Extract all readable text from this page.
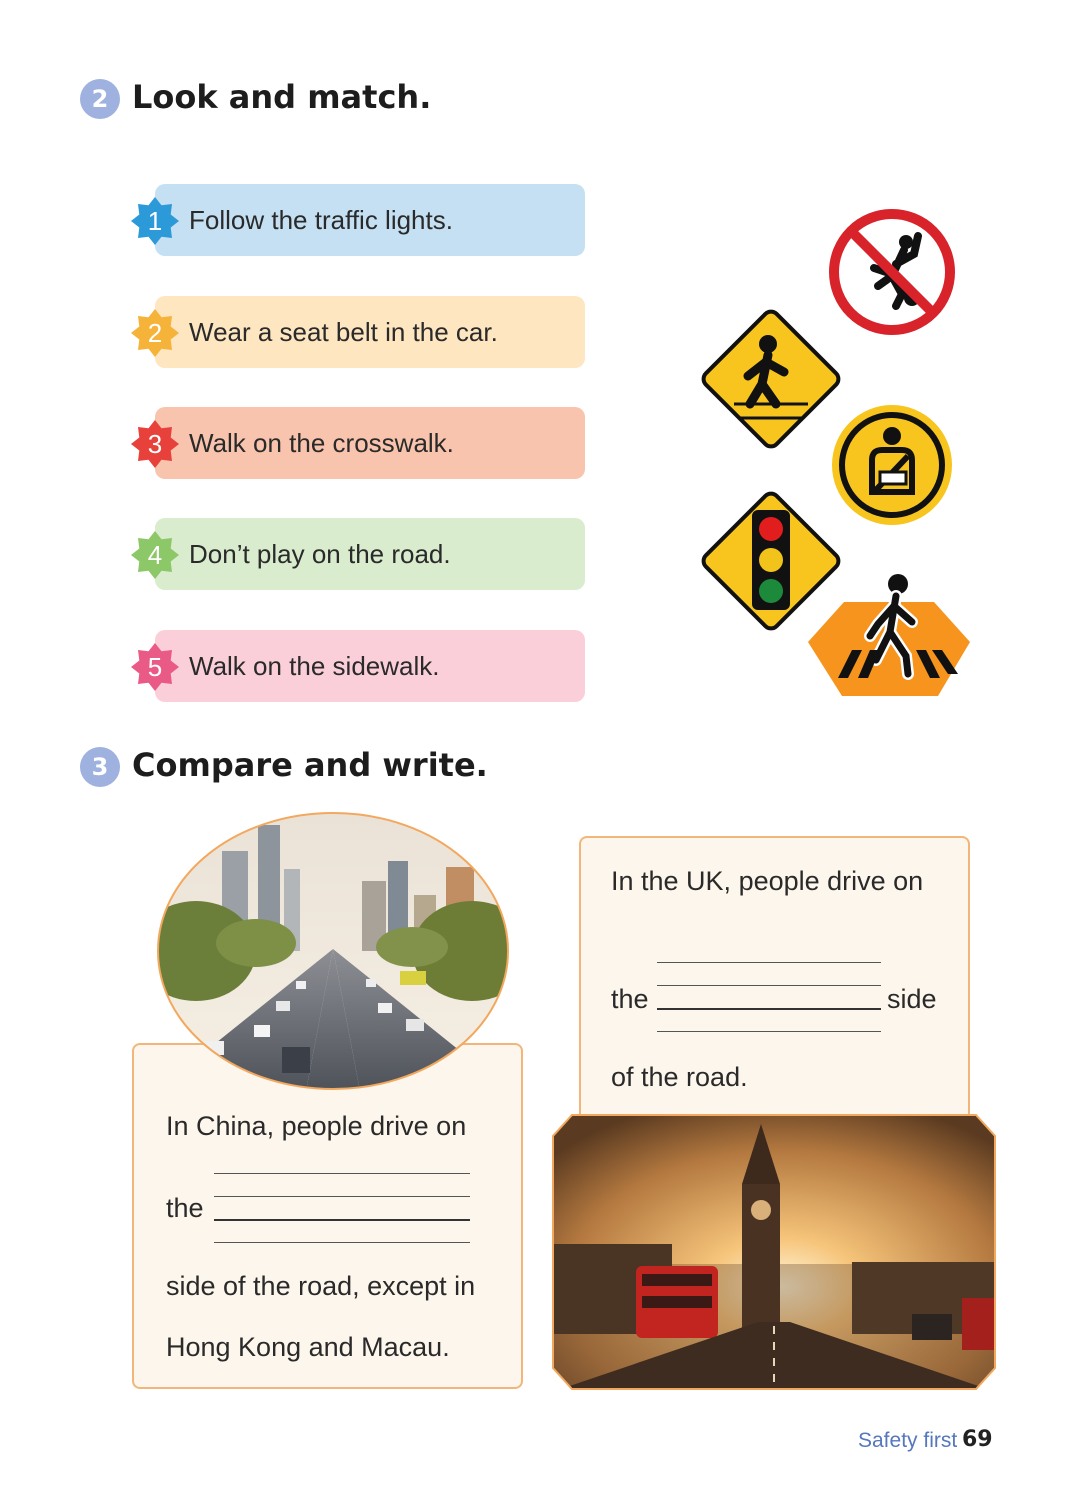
2 Look and match.
1	Follow the traffic lights.
2	Wear a seat belt in the car.
3	Walk on the crosswalk.
4	Don’t play on the road.
5	Walk on the sidewalk.
3 Compare and write.
In China, people drive on
the
side of the road, except in
Hong Kong and Macau.
In the UK, people drive on
the	side
of the road.
Safety first 69
